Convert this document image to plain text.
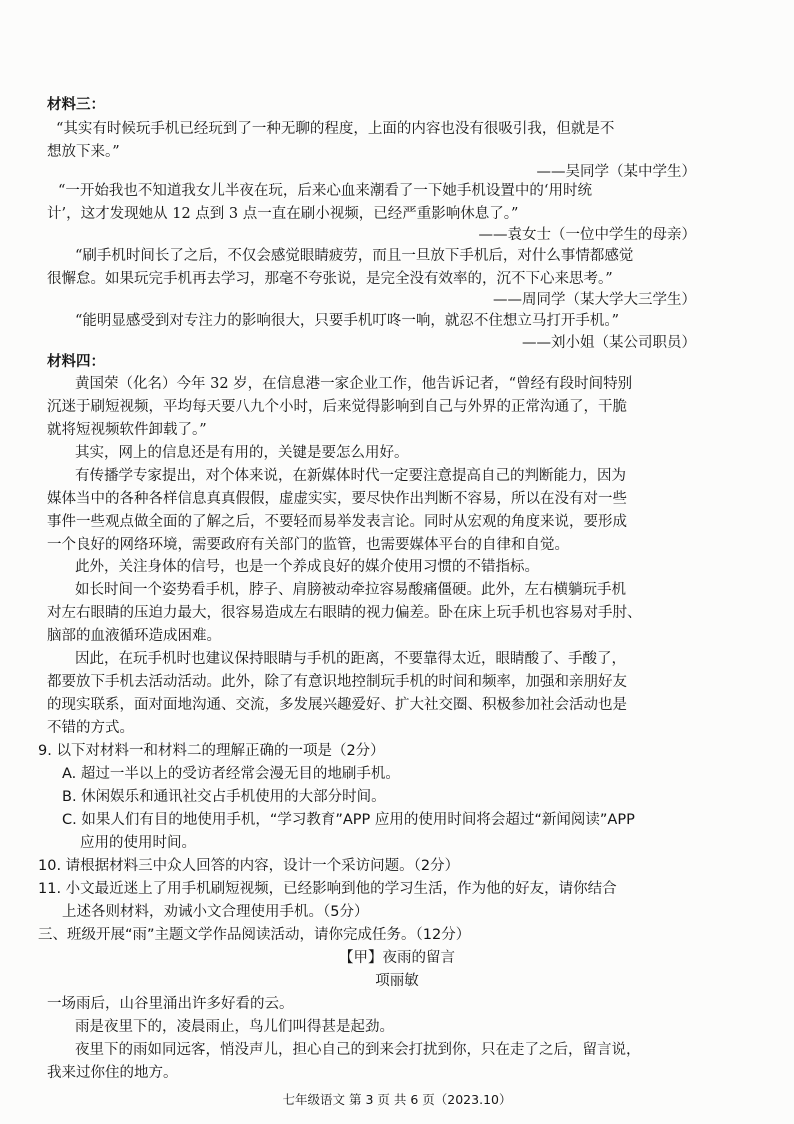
材料三：
“其实有时候玩手机已经玩到了一种无聊的程度，上面的内容也没有很吸引我，但就是不
想放下来。”
——吴同学（某中学生）
“一开始我也不知道我女儿半夜在玩，后来心血来潮看了一下她手机设置中的‘用时统
计’，这才发现她从 12 点到 3 点一直在刷小视频，已经严重影响休息了。”
——袁女士（一位中学生的母亲）
“刷手机时间长了之后，不仅会感觉眼睛疲劳，而且一旦放下手机后，对什么事情都感觉
很懈怠。如果玩完手机再去学习，那毫不夸张说，是完全没有效率的，沉不下心来思考。”
——周同学（某大学大三学生）
“能明显感受到对专注力的影响很大，只要手机叮咚一响，就忍不住想立马打开手机。”
——刘小姐（某公司职员）
材料四：
黄国荣（化名）今年 32 岁，在信息港一家企业工作，他告诉记者，“曾经有段时间特别
沉迷于刷短视频，平均每天要八九个小时，后来觉得影响到自己与外界的正常沟通了，干脆
就将短视频软件卸载了。”
其实，网上的信息还是有用的，关键是要怎么用好。
有传播学专家提出，对个体来说，在新媒体时代一定要注意提高自己的判断能力，因为
媒体当中的各种各样信息真真假假，虚虚实实，要尽快作出判断不容易，所以在没有对一些
事件一些观点做全面的了解之后，不要轻而易举发表言论。同时从宏观的角度来说，要形成
一个良好的网络环境，需要政府有关部门的监管，也需要媒体平台的自律和自觉。
此外，关注身体的信号，也是一个养成良好的媒介使用习惯的不错指标。
如长时间一个姿势看手机，脖子、肩膀被动牵拉容易酸痛僵硬。此外，左右横躺玩手机
对左右眼睛的压迫力最大，很容易造成左右眼睛的视力偏差。卧在床上玩手机也容易对手肘、
脑部的血液循环造成困难。
因此，在玩手机时也建议保持眼睛与手机的距离，不要靠得太近，眼睛酸了、手酸了，
都要放下手机去活动活动。此外，除了有意识地控制玩手机的时间和频率，加强和亲朋好友
的现实联系，面对面地沟通、交流，多发展兴趣爱好、扩大社交圈、积极参加社会活动也是
不错的方式。
9. 以下对材料一和材料二的理解正确的一项是（2分）
A. 超过一半以上的受访者经常会漫无目的地刷手机。
B. 休闲娱乐和通讯社交占手机使用的大部分时间。
C. 如果人们有目的地使用手机，“学习教育”APP 应用的使用时间将会超过“新闻阅读”APP
应用的使用时间。
10. 请根据材料三中众人回答的内容，设计一个采访问题。（2分）
11. 小文最近迷上了用手机刷短视频，已经影响到他的学习生活，作为他的好友，请你结合
上述各则材料，劝诫小文合理使用手机。（5分）
三、班级开展“雨”主题文学作品阅读活动，请你完成任务。（12分）
【甲】夜雨的留言
项丽敏
一场雨后，山谷里涌出许多好看的云。
雨是夜里下的，凌晨雨止，鸟儿们叫得甚是起劲。
夜里下的雨如同远客，悄没声儿，担心自己的到来会打扰到你，只在走了之后，留言说，
我来过你住的地方。
七年级语文 第 3 页 共 6 页（2023.10）
